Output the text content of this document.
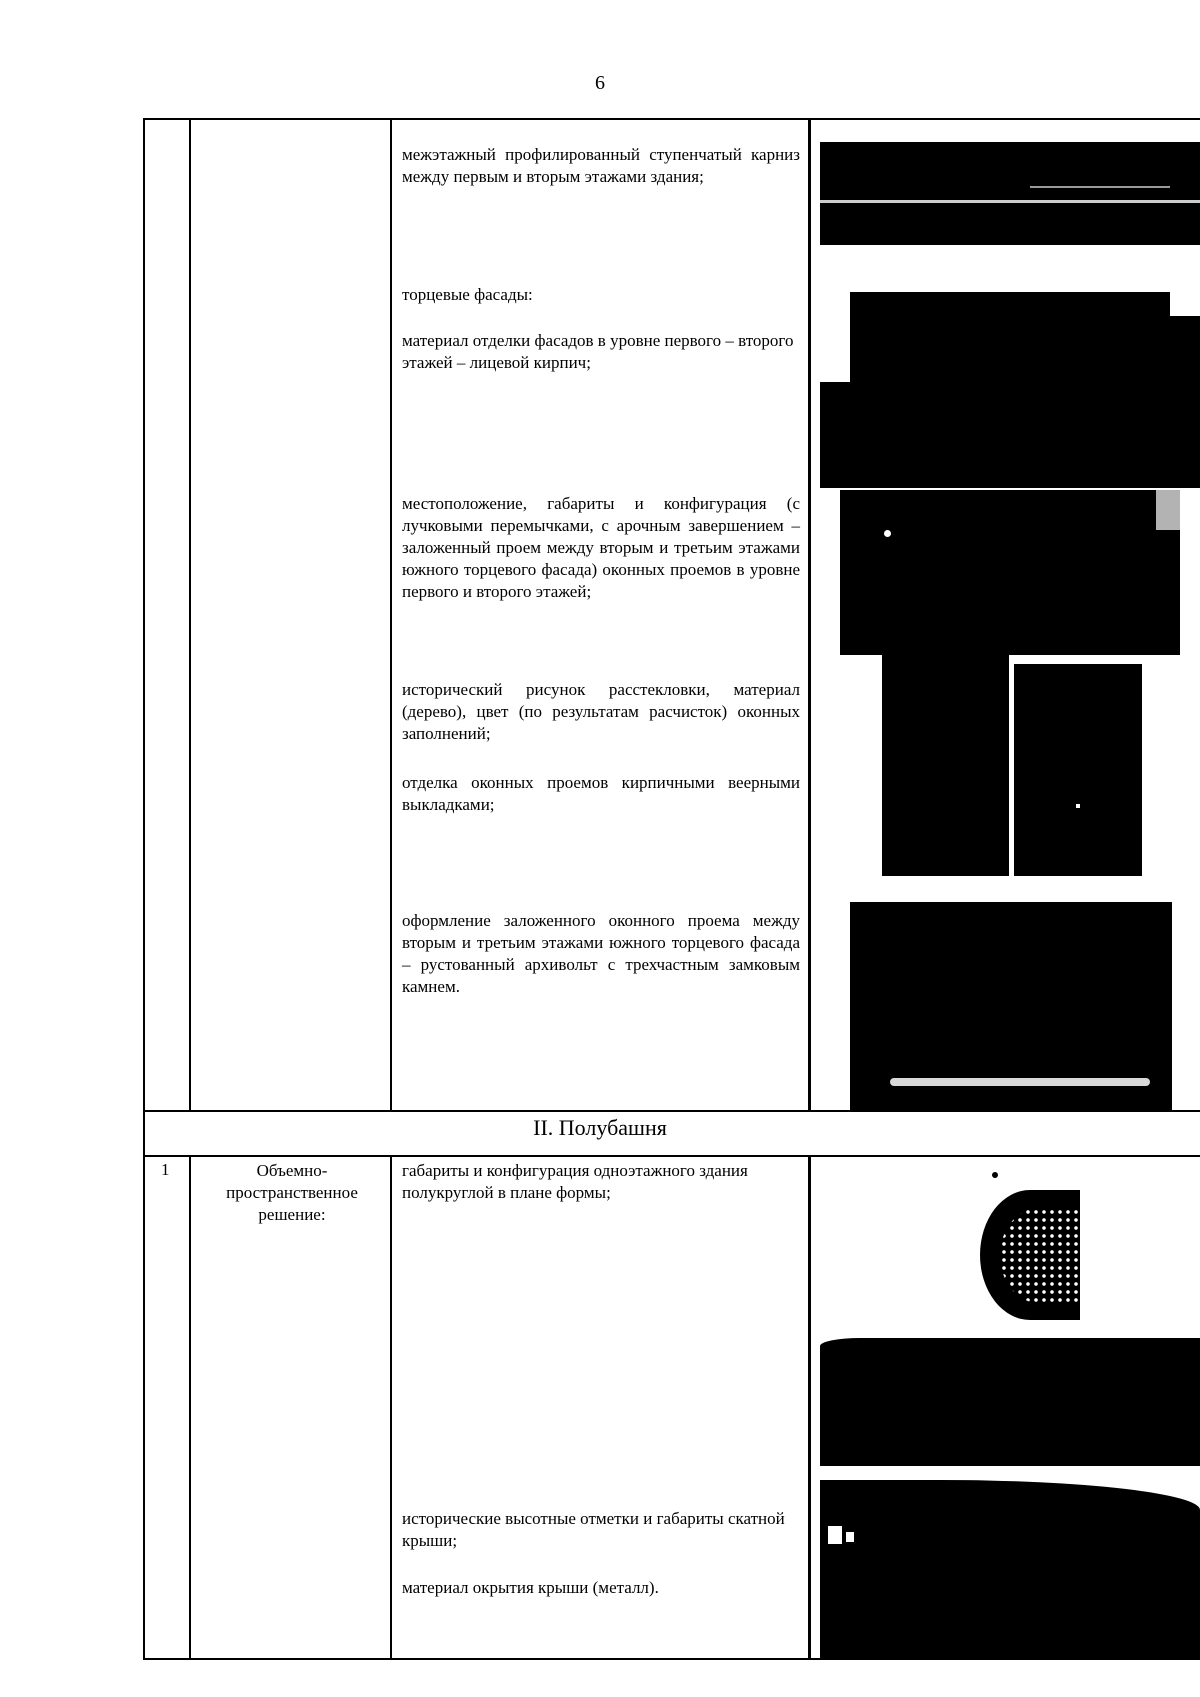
6
межэтажный профилированный ступенчатый карниз между первым и вторым этажами здания;
торцевые фасады:
материал отделки фасадов в уровне первого – второго этажей – лицевой кирпич;
местоположение, габариты и конфигурация (с лучковыми перемычками, с арочным завершением – заложенный проем между вторым и третьим этажами южного торцевого фасада) оконных проемов в уровне первого и второго этажей;
исторический рисунок расстекловки, материал (дерево), цвет (по результатам расчисток) оконных заполнений;
отделка оконных проемов кирпичными веерными выкладками;
оформление заложенного оконного проема между вторым и третьим этажами южного торцевого фасада – рустованный архивольт с трехчастным замковым камнем.
II. Полубашня
1	Объемно-пространственное решение:
габариты и конфигурация одноэтажного здания полукруглой в плане формы;
исторические высотные отметки и габариты скатной крыши;
материал окрытия крыши (металл).
